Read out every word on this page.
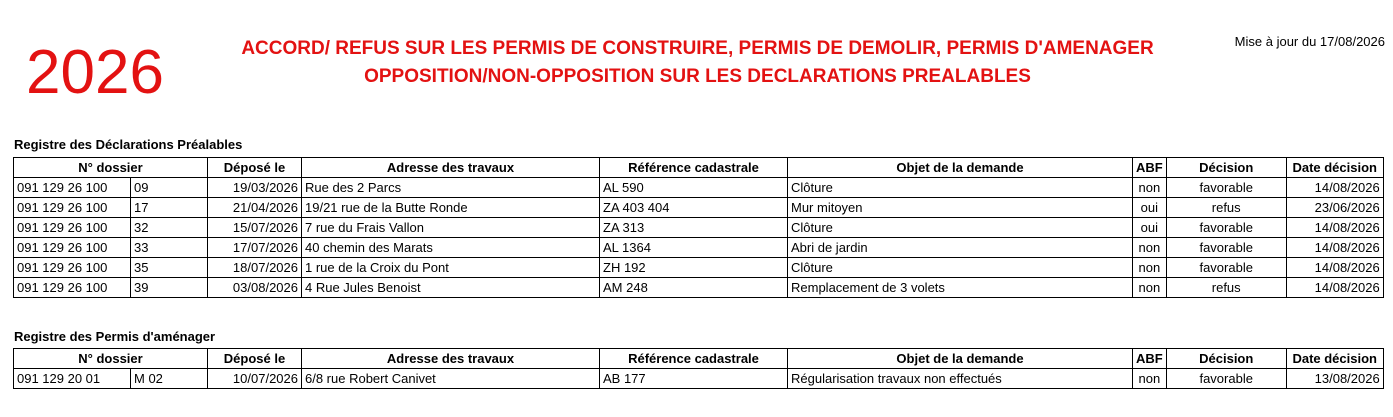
2026	ACCORD/ REFUS SUR LES PERMIS DE CONSTRUIRE, PERMIS DE DEMOLIR, PERMIS D'AMENAGER
OPPOSITION/NON-OPPOSITION SUR LES DECLARATIONS PREALABLES
Mise à jour du 17/08/2026
Registre des Déclarations Préalables
N° dossier		Déposé le	Adresse des travaux	Référence cadastrale	Objet de la demande	ABF	Décision	Date décision
091 129 26 100	09	19/03/2026	Rue des 2 Parcs	AL 590	Clôture	non	favorable	14/08/2026
091 129 26 100	17	21/04/2026	19/21 rue de la Butte Ronde	ZA 403 404	Mur mitoyen	oui	refus	23/06/2026
091 129 26 100	32	15/07/2026	7 rue du Frais Vallon	ZA 313	Clôture	oui	favorable	14/08/2026
091 129 26 100	33	17/07/2026	40 chemin des Marats	AL 1364	Abri de jardin	non	favorable	14/08/2026
091 129 26 100	35	18/07/2026	1 rue de la Croix du Pont	ZH 192	Clôture	non	favorable	14/08/2026
091 129 26 100	39	03/08/2026	4 Rue Jules Benoist	AM 248	Remplacement de 3 volets	non	refus	14/08/2026
Registre des Permis d'aménager
N° dossier		Déposé le	Adresse des travaux	Référence cadastrale	Objet de la demande	ABF	Décision	Date décision
091 129 20 01	M 02	10/07/2026	6/8 rue Robert Canivet	AB 177	Régularisation travaux non effectués	non	favorable	13/08/2026
